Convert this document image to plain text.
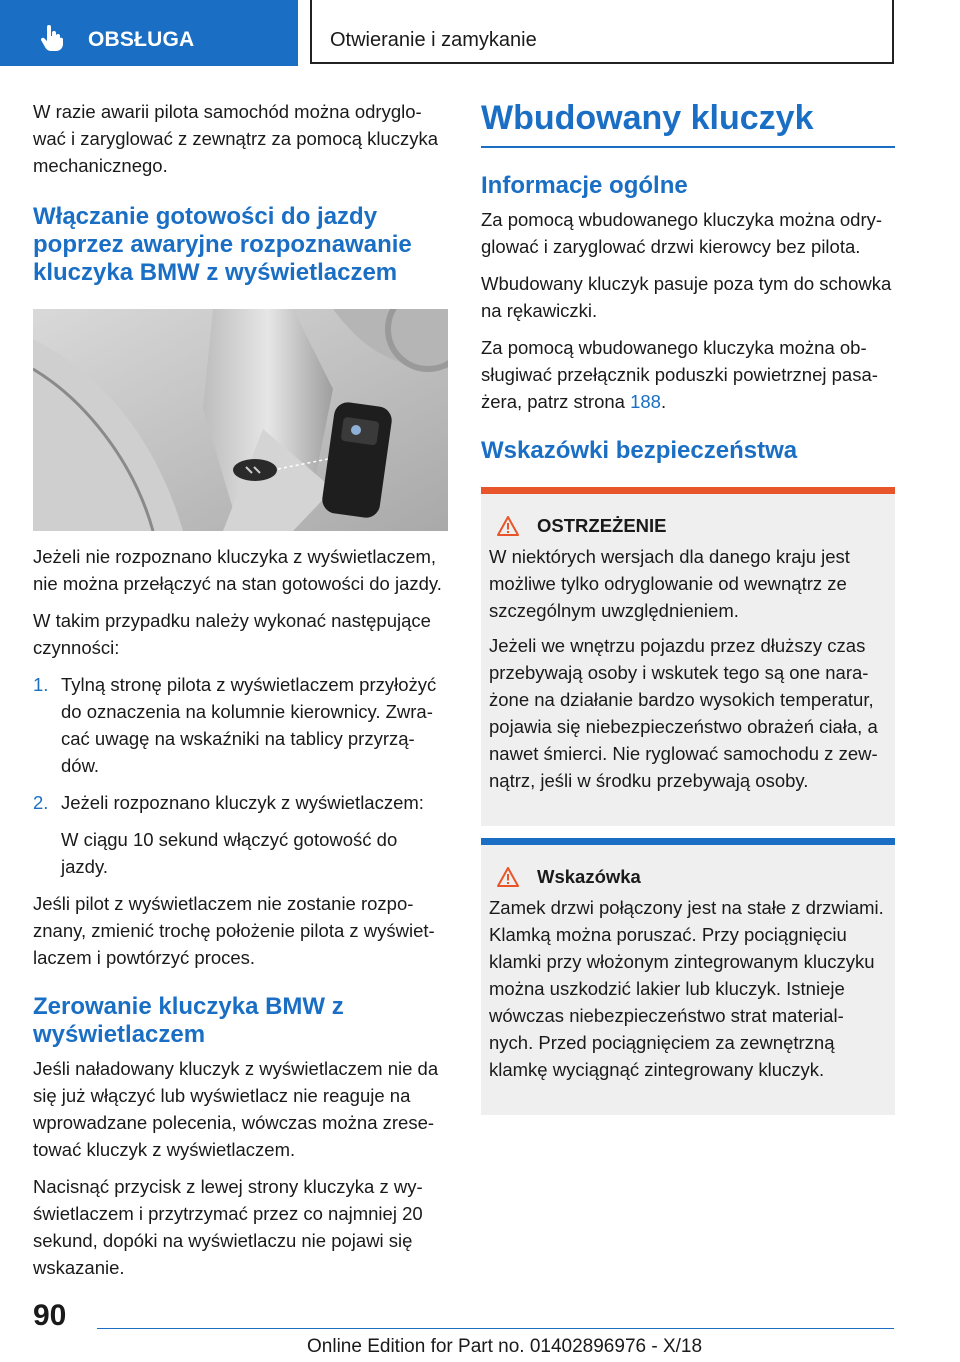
OBSŁUGA	Otwieranie i zamykanie

W razie awarii pilota samochód można odryglo-wać i zaryglować z zewnątrz za pomocą kluczyka mechanicznego.

Włączanie gotowości do jazdy poprzez awaryjne rozpoznawanie kluczyka BMW z wyświetlaczem

Jeżeli nie rozpoznano kluczyka z wyświetlaczem, nie można przełączyć na stan gotowości do jazdy.

W takim przypadku należy wykonać następujące czynności:

1. Tylną stronę pilota z wyświetlaczem przyłożyć do oznaczenia na kolumnie kierownicy. Zwra-cać uwagę na wskaźniki na tablicy przyrzą-dów.
2. Jeżeli rozpoznano kluczyk z wyświetlaczem:
W ciągu 10 sekund włączyć gotowość do jazdy.

Jeśli pilot z wyświetlaczem nie zostanie rozpo-znany, zmienić trochę położenie pilota z wyświet-laczem i powtórzyć proces.

Zerowanie kluczyka BMW z wyświetlaczem

Jeśli naładowany kluczyk z wyświetlaczem nie da się już włączyć lub wyświetlacz nie reaguje na wprowadzane polecenia, wówczas można zrese-tować kluczyk z wyświetlaczem.

Nacisnąć przycisk z lewej strony kluczyka z wy-świetlaczem i przytrzymać przez co najmniej 20 sekund, dopóki na wyświetlaczu nie pojawi się wskazanie.

Wbudowany kluczyk
Informacje ogólne

Za pomocą wbudowanego kluczyka można odry-glować i zaryglować drzwi kierowcy bez pilota.

Wbudowany kluczyk pasuje poza tym do schowka na rękawiczki.

Za pomocą wbudowanego kluczyka można ob-sługiwać przełącznik poduszki powietrznej pasa-żera, patrz strona 188.

Wskazówki bezpieczeństwa
OSTRZEŻENIE

W niektórych wersjach dla danego kraju jest możliwe tylko odryglowanie od wewnątrz ze szczególnym uwzględnieniem.

Jeżeli we wnętrzu pojazdu przez dłuższy czas przebywają osoby i wskutek tego są one nara-żone na działanie bardzo wysokich temperatur, pojawia się niebezpieczeństwo obrażeń ciała, a nawet śmierci. Nie ryglować samochodu z zew-nątrz, jeśli w środku przebywają osoby.

Wskazówka

Zamek drzwi połączony jest na stałe z drzwiami. Klamką można poruszać. Przy pociągnięciu klamki przy włożonym zintegrowanym kluczyku można uszkodzić lakier lub kluczyk. Istnieje wówczas niebezpieczeństwo strat material-nych. Przed pociągnięciem za zewnętrzną klamkę wyciągnąć zintegrowany kluczyk.

90
Online Edition for Part no. 01402896976 - X/18
